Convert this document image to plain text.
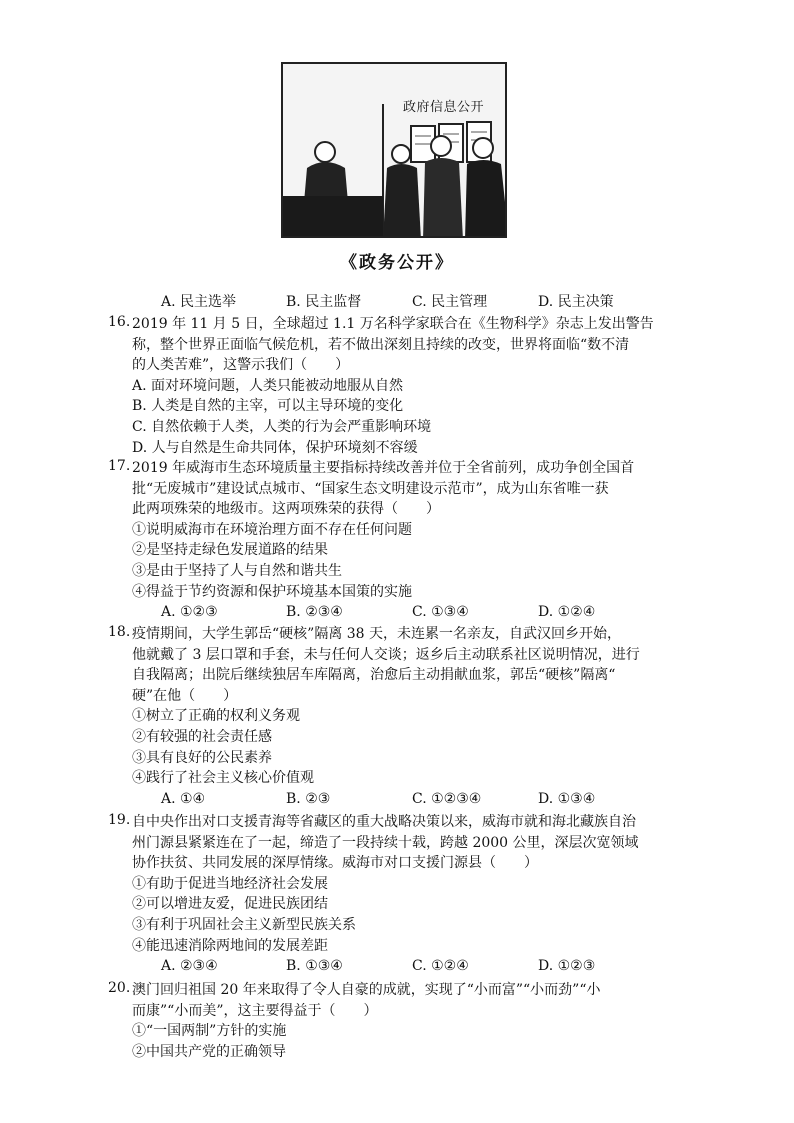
政府信息公开
《政务公开》
A. 民主选举	B. 民主监督	C. 民主管理	D. 民主决策
16. 2019 年 11 月 5 日，全球超过 1.1 万名科学家联合在《生物科学》杂志上发出警告
称，整个世界正面临气候危机，若不做出深刻且持续的改变，世界将面临“数不清
的人类苦难”，这警示我们（　　）
A. 面对环境问题，人类只能被动地服从自然
B. 人类是自然的主宰，可以主导环境的变化
C. 自然依赖于人类，人类的行为会严重影响环境
D. 人与自然是生命共同体，保护环境刻不容缓
17. 2019 年威海市生态环境质量主要指标持续改善并位于全省前列，成功争创全国首
批“无废城市”建设试点城市、“国家生态文明建设示范市”，成为山东省唯一获
此两项殊荣的地级市。这两项殊荣的获得（　　）
①说明威海市在环境治理方面不存在任何问题
②是坚持走绿色发展道路的结果
③是由于坚持了人与自然和谐共生
④得益于节约资源和保护环境基本国策的实施
A. ①②③	B. ②③④	C. ①③④	D. ①②④
18. 疫情期间，大学生郭岳“硬核”隔离 38 天，未连累一名亲友，自武汉回乡开始，
他就戴了 3 层口罩和手套，未与任何人交谈；返乡后主动联系社区说明情况，进行
自我隔离；出院后继续独居车库隔离，治愈后主动捐献血浆，郭岳“硬核”隔离“
硬”在他（　　）
①树立了正确的权利义务观
②有较强的社会责任感
③具有良好的公民素养
④践行了社会主义核心价值观
A. ①④	B. ②③	C. ①②③④	D. ①③④
19. 自中央作出对口支援青海等省藏区的重大战略决策以来，威海市就和海北藏族自治
州门源县紧紧连在了一起，缔造了一段持续十载，跨越 2000 公里，深层次宽领域
协作扶贫、共同发展的深厚情缘。威海市对口支援门源县（　　）
①有助于促进当地经济社会发展
②可以增进友爱，促进民族团结
③有利于巩固社会主义新型民族关系
④能迅速消除两地间的发展差距
A. ②③④	B. ①③④	C. ①②④	D. ①②③
20. 澳门回归祖国 20 年来取得了令人自豪的成就，实现了“小而富”“小而劲”“小
而康”“小而美”，这主要得益于（　　）
①“一国两制”方针的实施
②中国共产党的正确领导
